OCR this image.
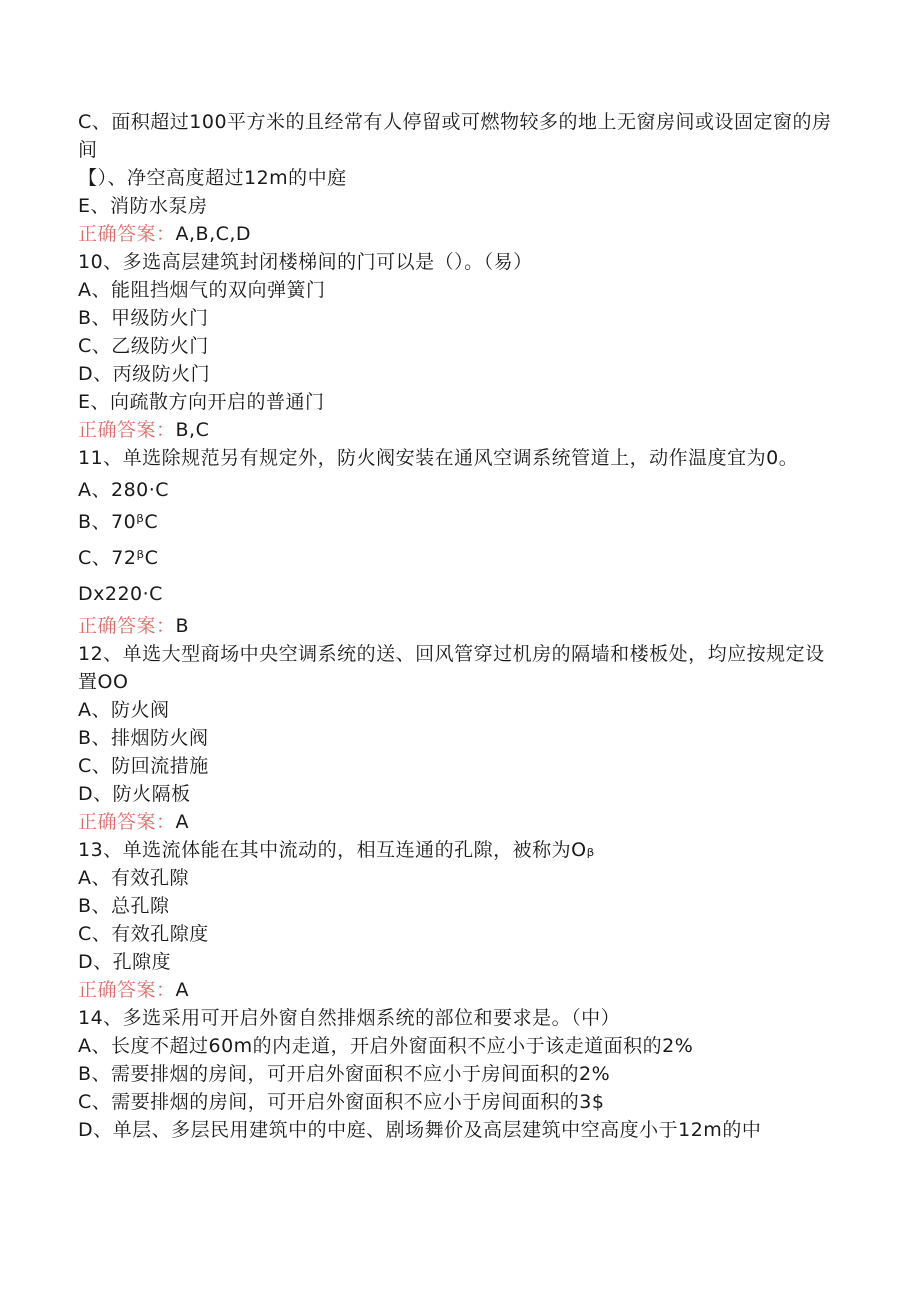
C、面积超过100平方米的且经常有人停留或可燃物较多的地上无窗房间或设固定窗的房间
【）、净空高度超过12m的中庭
E、消防水泵房
正确答案：A,B,C,D
10、多选高层建筑封闭楼梯间的门可以是（）。（易）
A、能阻挡烟气的双向弹簧门
B、甲级防火门
C、乙级防火门
D、丙级防火门
E、向疏散方向开启的普通门
正确答案：B,C
11、单选除规范另有规定外，防火阀安装在通风空调系统管道上，动作温度宜为0。
A、280·C
B、70ᵝC
C、72ᵝC
Dx220·C
正确答案：B
12、单选大型商场中央空调系统的送、回风管穿过机房的隔墙和楼板处，均应按规定设置OO
A、防火阀
B、排烟防火阀
C、防回流措施
D、防火隔板
正确答案：A
13、单选流体能在其中流动的，相互连通的孔隙，被称为Oᵦ
A、有效孔隙
B、总孔隙
C、有效孔隙度
D、孔隙度
正确答案：A
14、多选采用可开启外窗自然排烟系统的部位和要求是。（中）
A、长度不超过60m的内走道，开启外窗面积不应小于该走道面积的2%
B、需要排烟的房间，可开启外窗面积不应小于房间面积的2%
C、需要排烟的房间，可开启外窗面积不应小于房间面积的3$
D、单层、多层民用建筑中的中庭、剧场舞价及高层建筑中空高度小于12m的中
